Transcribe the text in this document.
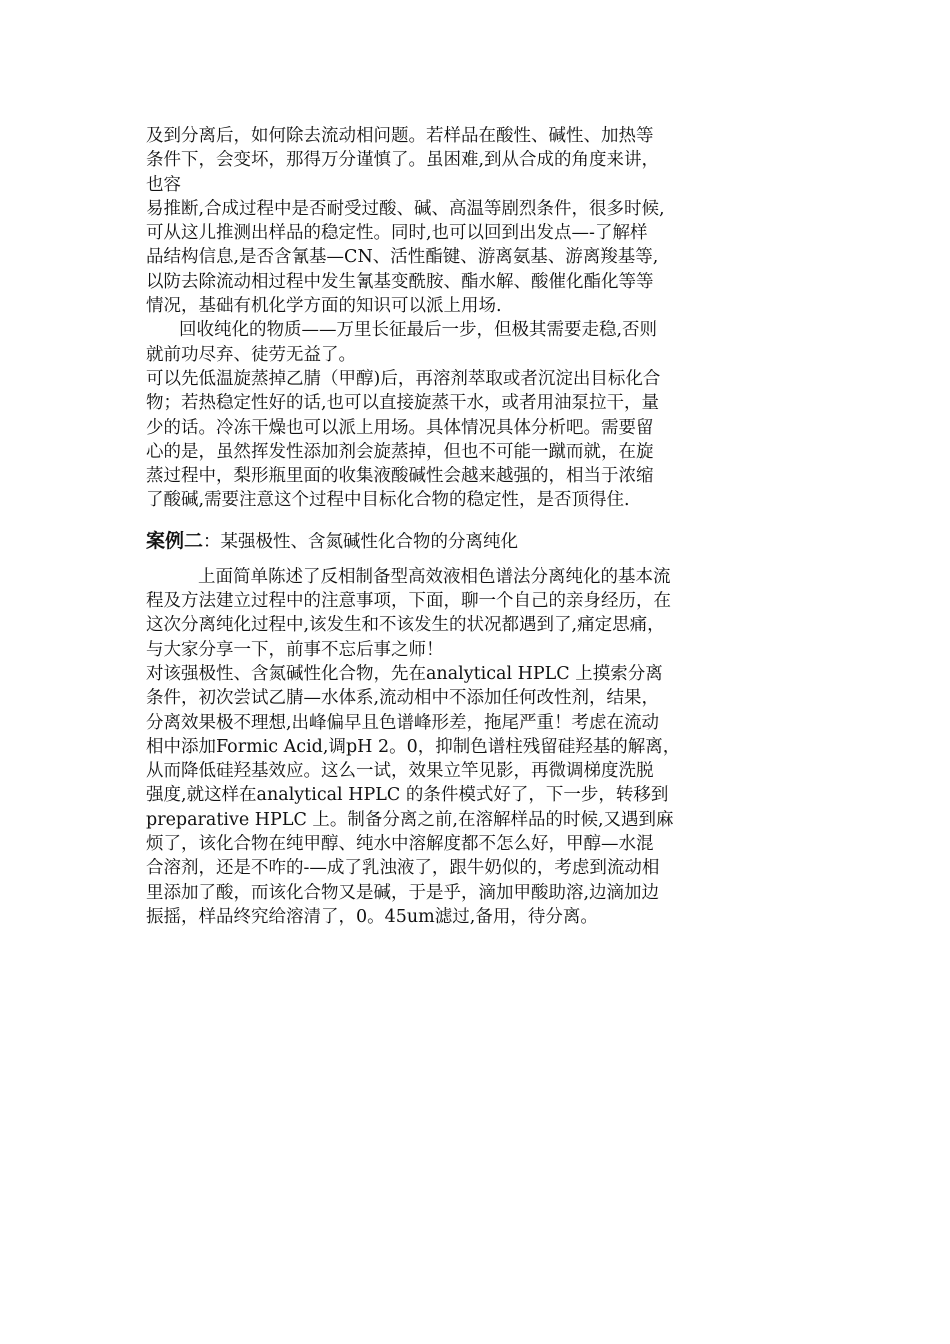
及到分离后，如何除去流动相问题。若样品在酸性、碱性、加热等

条件下，会变坏，那得万分谨慎了。虽困难,到从合成的角度来讲，

也容

易推断,合成过程中是否耐受过酸、碱、高温等剧烈条件，很多时候,

可从这儿推测出样品的稳定性。同时,也可以回到出发点—-了解样

品结构信息,是否含氰基—CN、活性酯键、游离氨基、游离羧基等,

以防去除流动相过程中发生氰基变酰胺、酯水解、酸催化酯化等等

情况，基础有机化学方面的知识可以派上用场.

回收纯化的物质——万里长征最后一步，但极其需要走稳,否则

就前功尽弃、徒劳无益了。

可以先低温旋蒸掉乙腈（甲醇)后，再溶剂萃取或者沉淀出目标化合

物；若热稳定性好的话,也可以直接旋蒸干水，或者用油泵拉干，量

少的话。冷冻干燥也可以派上用场。具体情况具体分析吧。需要留

心的是，虽然挥发性添加剂会旋蒸掉，但也不可能一蹴而就，在旋

蒸过程中，梨形瓶里面的收集液酸碱性会越来越强的，相当于浓缩

了酸碱,需要注意这个过程中目标化合物的稳定性，是否顶得住.

案例二：某强极性、含氮碱性化合物的分离纯化

上面简单陈述了反相制备型高效液相色谱法分离纯化的基本流

程及方法建立过程中的注意事项，下面，聊一个自己的亲身经历，在

这次分离纯化过程中,该发生和不该发生的状况都遇到了,痛定思痛，

与大家分享一下，前事不忘后事之师！

对该强极性、含氮碱性化合物，先在analytical HPLC 上摸索分离

条件，初次尝试乙腈—水体系,流动相中不添加任何改性剂，结果，

分离效果极不理想,出峰偏早且色谱峰形差，拖尾严重！考虑在流动

相中添加Formic Acid,调pH 2。0，抑制色谱柱残留硅羟基的解离，

从而降低硅羟基效应。这么一试，效果立竿见影，再微调梯度洗脱

强度,就这样在analytical HPLC 的条件模式好了，下一步，转移到

preparative HPLC 上。制备分离之前,在溶解样品的时候,又遇到麻

烦了，该化合物在纯甲醇、纯水中溶解度都不怎么好，甲醇—水混

合溶剂，还是不咋的-—成了乳浊液了，跟牛奶似的，考虑到流动相

里添加了酸，而该化合物又是碱，于是乎，滴加甲酸助溶,边滴加边

振摇，样品终究给溶清了，0。45um滤过,备用，待分离。
